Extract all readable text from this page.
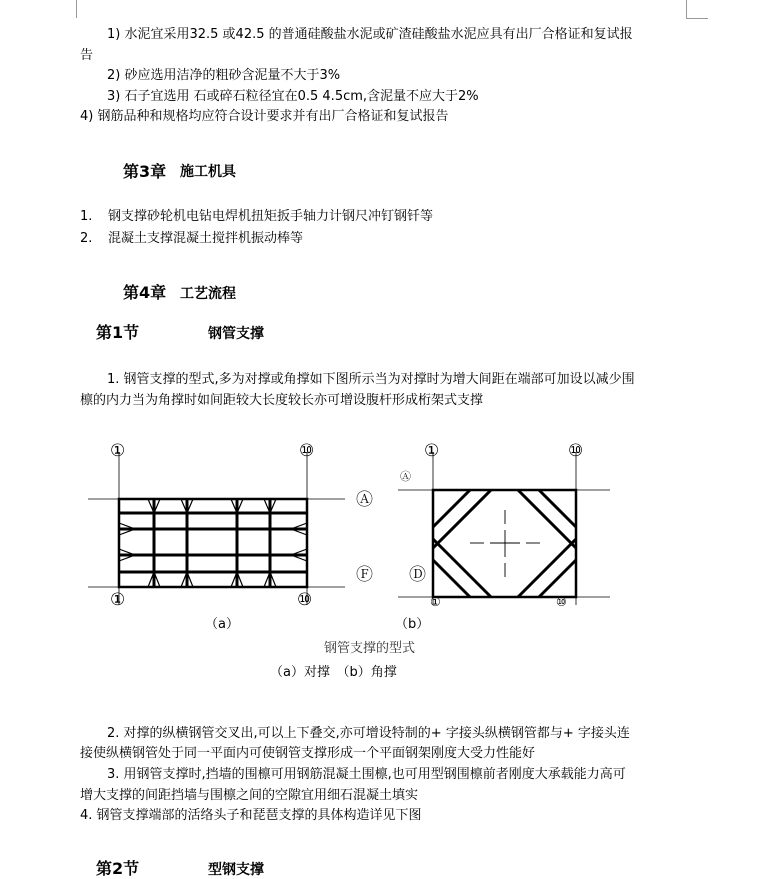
1) 水泥宜采用32.5 或42.5 的普通硅酸盐水泥或矿渣硅酸盐水泥应具有出厂合格证和复试报
告
2) 砂应选用洁净的粗砂含泥量不大于3%
3) 石子宜选用 石或碎石粒径宜在0.5 4.5cm,含泥量不应大于2%
4) 钢筋品种和规格均应符合设计要求并有出厂合格证和复试报告
第3章 施工机具
1. 钢支撑砂轮机电钻电焊机扭矩扳手轴力计钢尺冲钉钢钎等
2. 混凝土支撑混凝土搅拌机振动棒等
第4章 工艺流程
第1节	钢管支撑
1. 钢管支撑的型式,多为对撑或角撑如下图所示当为对撑时为增大间距在端部可加设以减少围
檩的内力当为角撑时如间距较大长度较长亦可增设腹杆形成桁架式支撑
①	⑩
Ⓐ
Ⓕ
①	⑩
（a）
①	⑩
Ⓐ
Ⓓ
①	⑩
（b）
钢管支撑的型式
（a）对撑　（b）角撑
2. 对撑的纵横钢管交叉出,可以上下叠交,亦可增设特制的+ 字接头纵横钢管都与+ 字接头连
接使纵横钢管处于同一平面内可使钢管支撑形成一个平面钢架刚度大受力性能好
3. 用钢管支撑时,挡墙的围檩可用钢筋混凝土围檩,也可用型钢围檩前者刚度大承载能力高可
增大支撑的间距挡墙与围檩之间的空隙宜用细石混凝土填实
4. 钢管支撑端部的活络头子和琵琶支撑的具体构造详见下图
第2节	型钢支撑
